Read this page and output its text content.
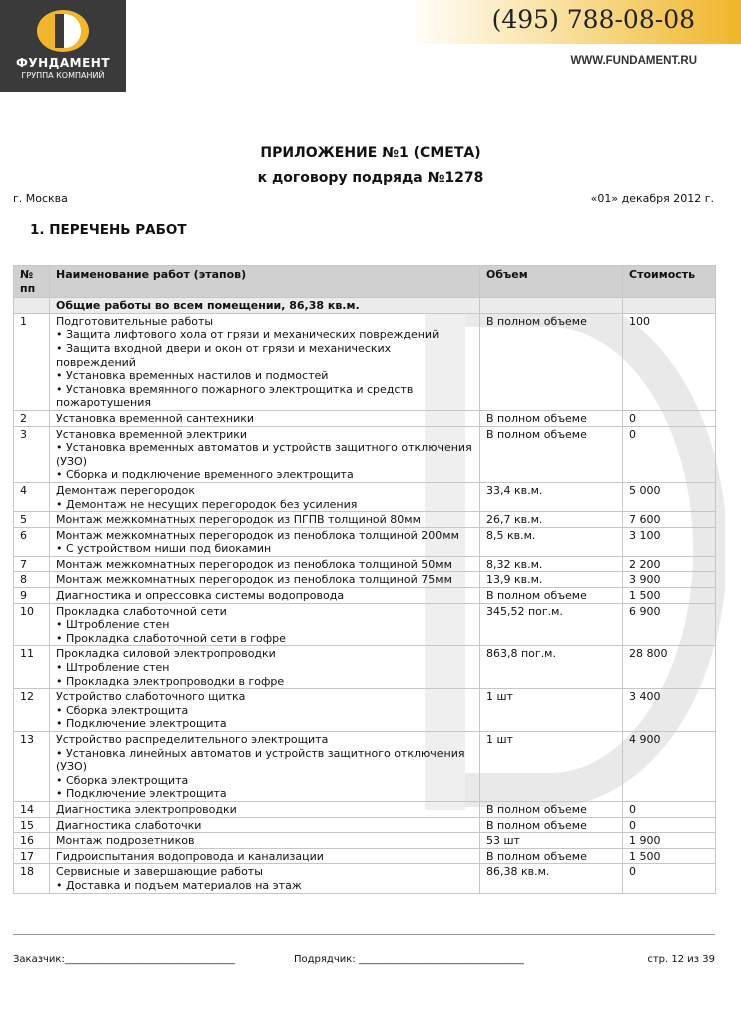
ФУНДАМЕНТ
ГРУППА КОМПАНИЙ
(495) 788-08-08
WWW.FUNDAMENT.RU
ПРИЛОЖЕНИЕ №1 (СМЕТА)
к договору подряда №1278
г. Москва	«01» декабря 2012 г.
1. ПЕРЕЧЕНЬ РАБОТ
№ пп	Наименование работ (этапов)	Объем	Стоимость
	Общие работы во всем помещении, 86,38 кв.м.		
1	Подготовительные работы
• Защита лифтового хола от грязи и механических повреждений
• Защита входной двери и окон от грязи и механических повреждений
• Установка временных настилов и подмостей
• Установка времянного пожарного электрощитка и средств пожаротушения	В полном объеме	100
2	Установка временной сантехники	В полном объеме	0
3	Установка временной электрики
• Установка временных автоматов и устройств защитного отключения (УЗО)
• Сборка и подключение временного электрощита	В полном объеме	0
4	Демонтаж перегородок
• Демонтаж не несущих перегородок без усиления	33,4 кв.м.	5 000
5	Монтаж межкомнатных перегородок из ПГПВ толщиной 80мм	26,7 кв.м.	7 600
6	Монтаж межкомнатных перегородок из пеноблока толщиной 200мм
• С устройством ниши под биокамин	8,5 кв.м.	3 100
7	Монтаж межкомнатных перегородок из пеноблока толщиной 50мм	8,32 кв.м.	2 200
8	Монтаж межкомнатных перегородок из пеноблока толщиной 75мм	13,9 кв.м.	3 900
9	Диагностика и опрессовка системы водопровода	В полном объеме	1 500
10	Прокладка слаботочной сети
• Штробление стен
• Прокладка слаботочной сети в гофре	345,52 пог.м.	6 900
11	Прокладка силовой электропроводки
• Штробление стен
• Прокладка электропроводки в гофре	863,8 пог.м.	28 800
12	Устройство слаботочного щитка
• Сборка электрощита
• Подключение электрощита	1 шт	3 400
13	Устройство распределительного электрощита
• Установка линейных автоматов и устройств защитного отключения (УЗО)
• Сборка электрощита
• Подключение электрощита	1 шт	4 900
14	Диагностика электропроводки	В полном объеме	0
15	Диагностика слаботочки	В полном объеме	0
16	Монтаж подрозетников	53 шт	1 900
17	Гидроиспытания водопровода и канализации	В полном объеме	1 500
18	Сервисные и завершающие работы
• Доставка и подъем материалов на этаж	86,38 кв.м.	0
Заказчик:__________________________________	Подрядчик: _________________________________	стр. 12 из 39
